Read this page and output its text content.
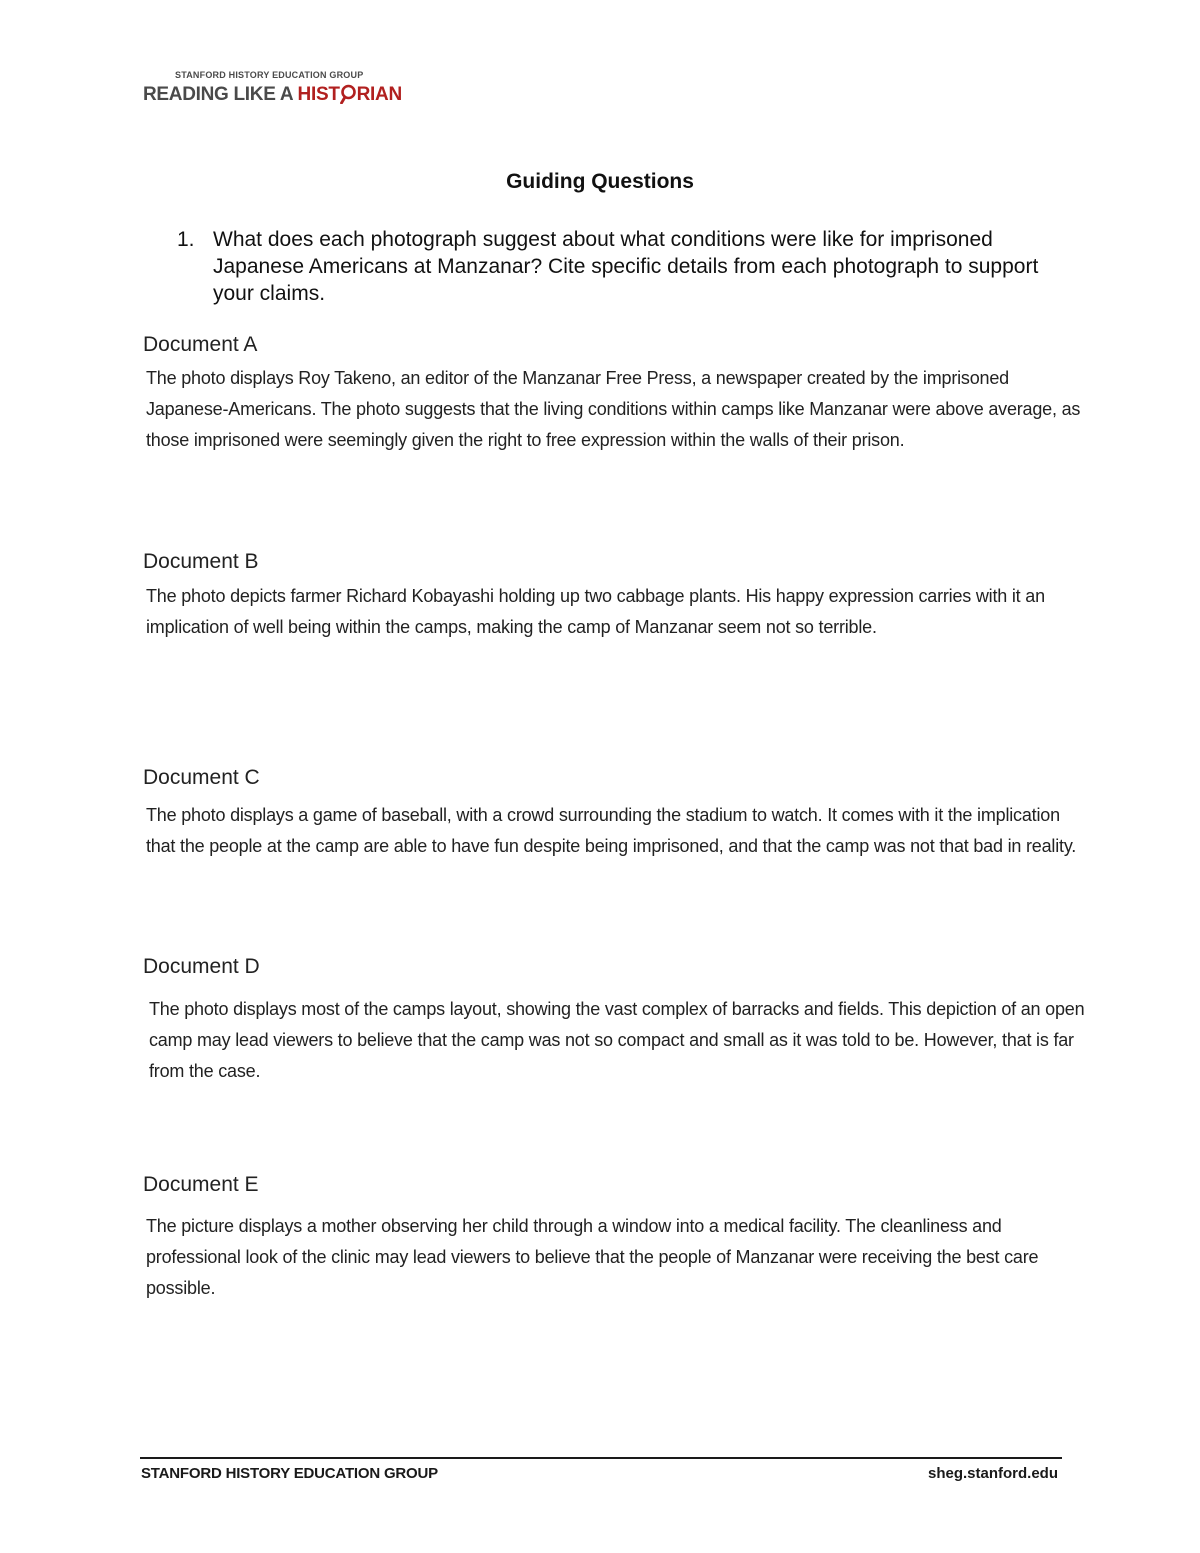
STANFORD HISTORY EDUCATION GROUP
READING LIKE A HIST RIAN
Guiding Questions
1. What does each photograph suggest about what conditions were like for imprisoned Japanese Americans at Manzanar? Cite specific details from each photograph to support your claims.
Document A
The photo displays Roy Takeno, an editor of the Manzanar Free Press, a newspaper created by the imprisoned Japanese-Americans. The photo suggests that the living conditions within camps like Manzanar were above average, as those imprisoned were seemingly given the right to free expression within the walls of their prison.
Document B
The photo depicts farmer Richard Kobayashi holding up two cabbage plants. His happy expression carries with it an implication of well being within the camps, making the camp of Manzanar seem not so terrible.
Document C
The photo displays a game of baseball, with a crowd surrounding the stadium to watch. It comes with it the implication that the people at the camp are able to have fun despite being imprisoned, and that the camp was not that bad in reality.
Document D
The photo displays most of the camps layout, showing the vast complex of barracks and fields. This depiction of an open camp may lead viewers to believe that the camp was not so compact and small as it was told to be. However, that is far from the case.
Document E
The picture displays a mother observing her child through a window into a medical facility. The cleanliness and professional look of the clinic may lead viewers to believe that the people of Manzanar were receiving the best care possible.
STANFORD HISTORY EDUCATION GROUP	sheg.stanford.edu
